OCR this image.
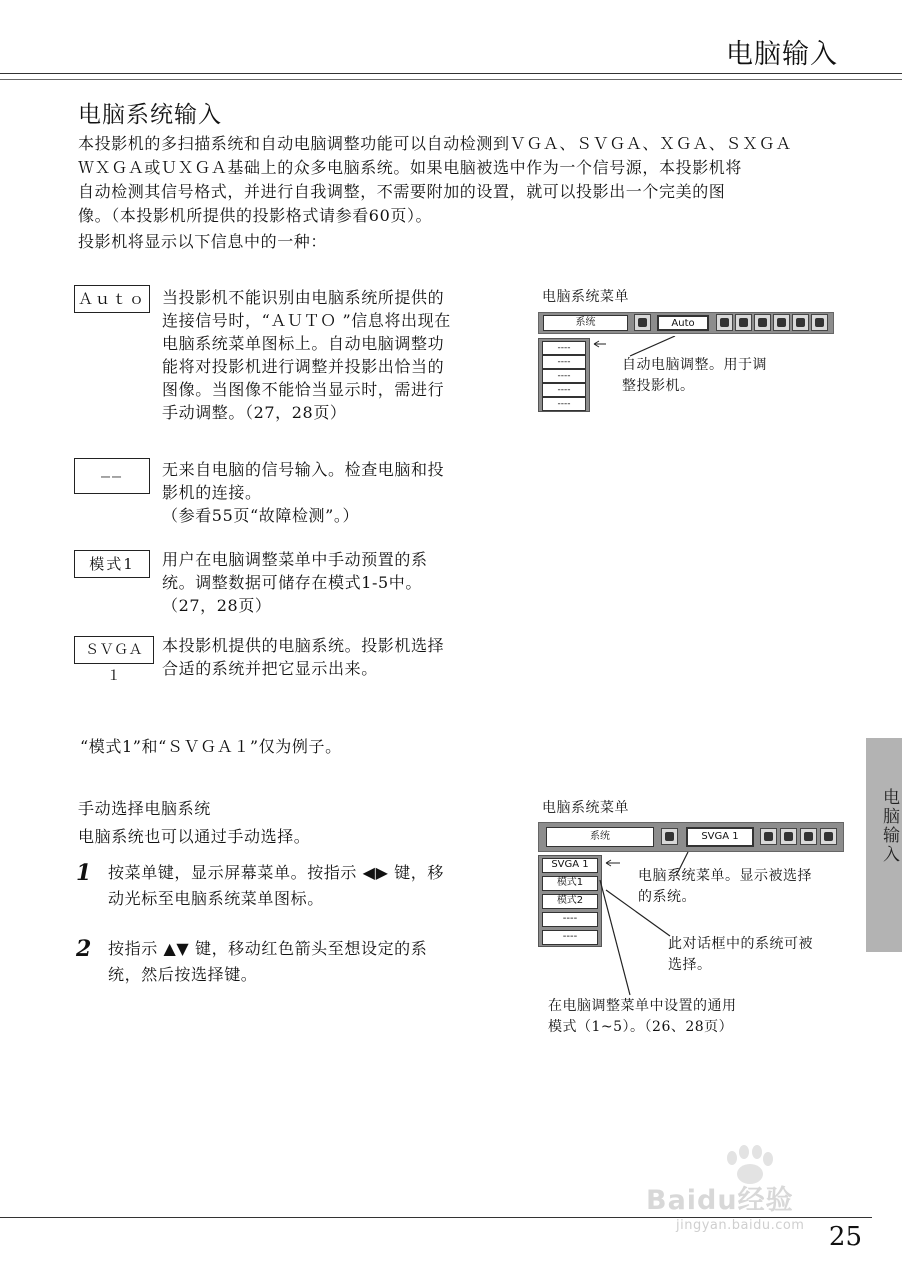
电脑输入
电脑系统输入
本投影机的多扫描系统和自动电脑调整功能可以自动检测到ＶＧＡ、ＳＶＧＡ、ＸＧＡ、ＳＸＧＡ
ＷＸＧＡ或ＵＸＧＡ基础上的众多电脑系统。如果电脑被选中作为一个信号源，本投影机将
自动检测其信号格式，并进行自我调整，不需要附加的设置，就可以投影出一个完美的图
像。（本投影机所提供的投影格式请参看60页）。
投影机将显示以下信息中的一种：
Ａｕｔｏ 当投影机不能识别由电脑系统所提供的
连接信号时，“ＡＵＴＯ ”信息将出现在
电脑系统菜单图标上。自动电脑调整功
能将对投影机进行调整并投影出恰当的
图像。当图像不能恰当显示时，需进行
手动调整。（27，28页）
——	无来自电脑的信号输入。检查电脑和投
影机的连接。
（参看55页“故障检测”。）
模式1	用户在电脑调整菜单中手动预置的系
统。调整数据可储存在模式1-5中。
（27，28页）
ＳＶＧＡ １
本投影机提供的电脑系统。投影机选择
合适的系统并把它显示出来。
电脑系统菜单
系统	Auto
----
----
----
----
----
自动电脑调整。用于调
整投影机。
“模式1”和“ＳＶＧＡ１”仅为例子。
手动选择电脑系统
电脑系统也可以通过手动选择。
1 按菜单键，显示屏幕菜单。按指示 ◀▶ 键，移
动光标至电脑系统菜单图标。
2 按指示 ▲▼ 键，移动红色箭头至想设定的系
统，然后按选择键。
电脑系统菜单
系统	SVGA 1
SVGA 1
模式1
模式2
----
----
电脑系统菜单。显示被选择
的系统。
此对话框中的系统可被
选择。
在电脑调整菜单中设置的通用
模式（1~5）。（26、28页）
电脑输入
Baidu经验
jingyan.baidu.com 25
